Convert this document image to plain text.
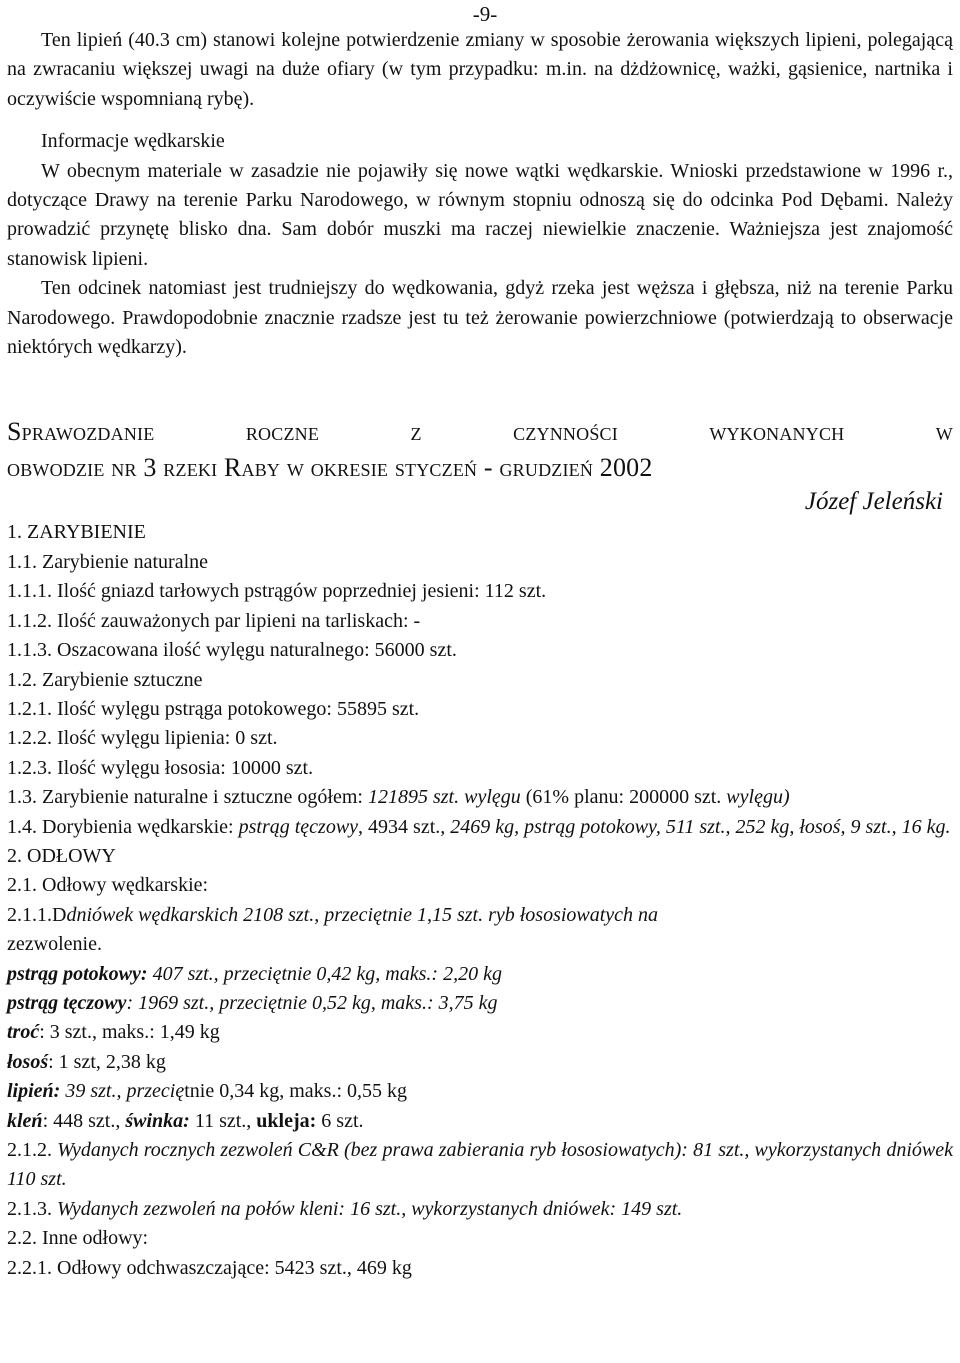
-9-
Ten lipień (40.3 cm) stanowi kolejne potwierdzenie zmiany w sposobie żerowania większych lipieni, polegającą na zwracaniu większej uwagi na duże ofiary (w tym przypadku: m.in. na dżdżownicę, ważki, gąsienice, nartnika i oczywiście wspomnianą rybę).
Informacje wędkarskie
W obecnym materiale w zasadzie nie pojawiły się nowe wątki wędkarskie. Wnioski przedstawione w 1996 r., dotyczące Drawy na terenie Parku Narodowego, w równym stopniu odnoszą się do odcinka Pod Dębami. Należy prowadzić przynętę blisko dna. Sam dobór muszki ma raczej niewielkie znaczenie. Ważniejsza jest znajomość stanowisk lipieni.
Ten odcinek natomiast jest trudniejszy do wędkowania, gdyż rzeka jest węższa i głębsza, niż na terenie Parku Narodowego. Prawdopodobnie znacznie rzadsze jest tu też żerowanie powierzchniowe (potwierdzają to obserwacje niektórych wędkarzy).
Sprawozdanie roczne z czynności wykonanych w
obwodzie nr 3 rzeki Raby w okresie styczeń - grudzień 2002
Józef Jeleński
1. ZARYBIENIE
1.1. Zarybienie naturalne
1.1.1. Ilość gniazd tarłowych pstrągów poprzedniej jesieni: 112 szt.
1.1.2. Ilość zauważonych par lipieni na tarliskach: -
1.1.3. Oszacowana ilość wylęgu naturalnego: 56000 szt.
1.2. Zarybienie sztuczne
1.2.1. Ilość wylęgu pstrąga potokowego: 55895 szt.
1.2.2. Ilość wylęgu lipienia: 0 szt.
1.2.3. Ilość wylęgu łososia: 10000 szt.
1.3. Zarybienie naturalne i sztuczne ogółem: 121895 szt. wylęgu (61% planu: 200000 szt. wylęgu)
1.4. Dorybienia wędkarskie: pstrąg tęczowy, 4934 szt., 2469 kg, pstrąg potokowy, 511 szt., 252 kg, łosoś, 9 szt., 16 kg.
2. ODŁOWY
2.1. Odłowy wędkarskie:
2.1.1.Ddniówek wędkarskich 2108 szt., przeciętnie 1,15 szt. ryb łososiowatych na
zezwolenie.
pstrąg potokowy: 407 szt., przeciętnie 0,42 kg, maks.: 2,20 kg
pstrąg tęczowy: 1969 szt., przeciętnie 0,52 kg, maks.: 3,75 kg
troć: 3 szt., maks.: 1,49 kg
łosoś: 1 szt, 2,38 kg
lipień: 39 szt., przeciętnie 0,34 kg, maks.: 0,55 kg
kleń: 448 szt., świnka: 11 szt., ukleja: 6 szt.
2.1.2. Wydanych rocznych zezwoleń C&R (bez prawa zabierania ryb łososiowatych): 81 szt., wykorzystanych dniówek 110 szt.
2.1.3. Wydanych zezwoleń na połów kleni: 16 szt., wykorzystanych dniówek: 149 szt.
2.2. Inne odłowy:
2.2.1. Odłowy odchwaszczające: 5423 szt., 469 kg
